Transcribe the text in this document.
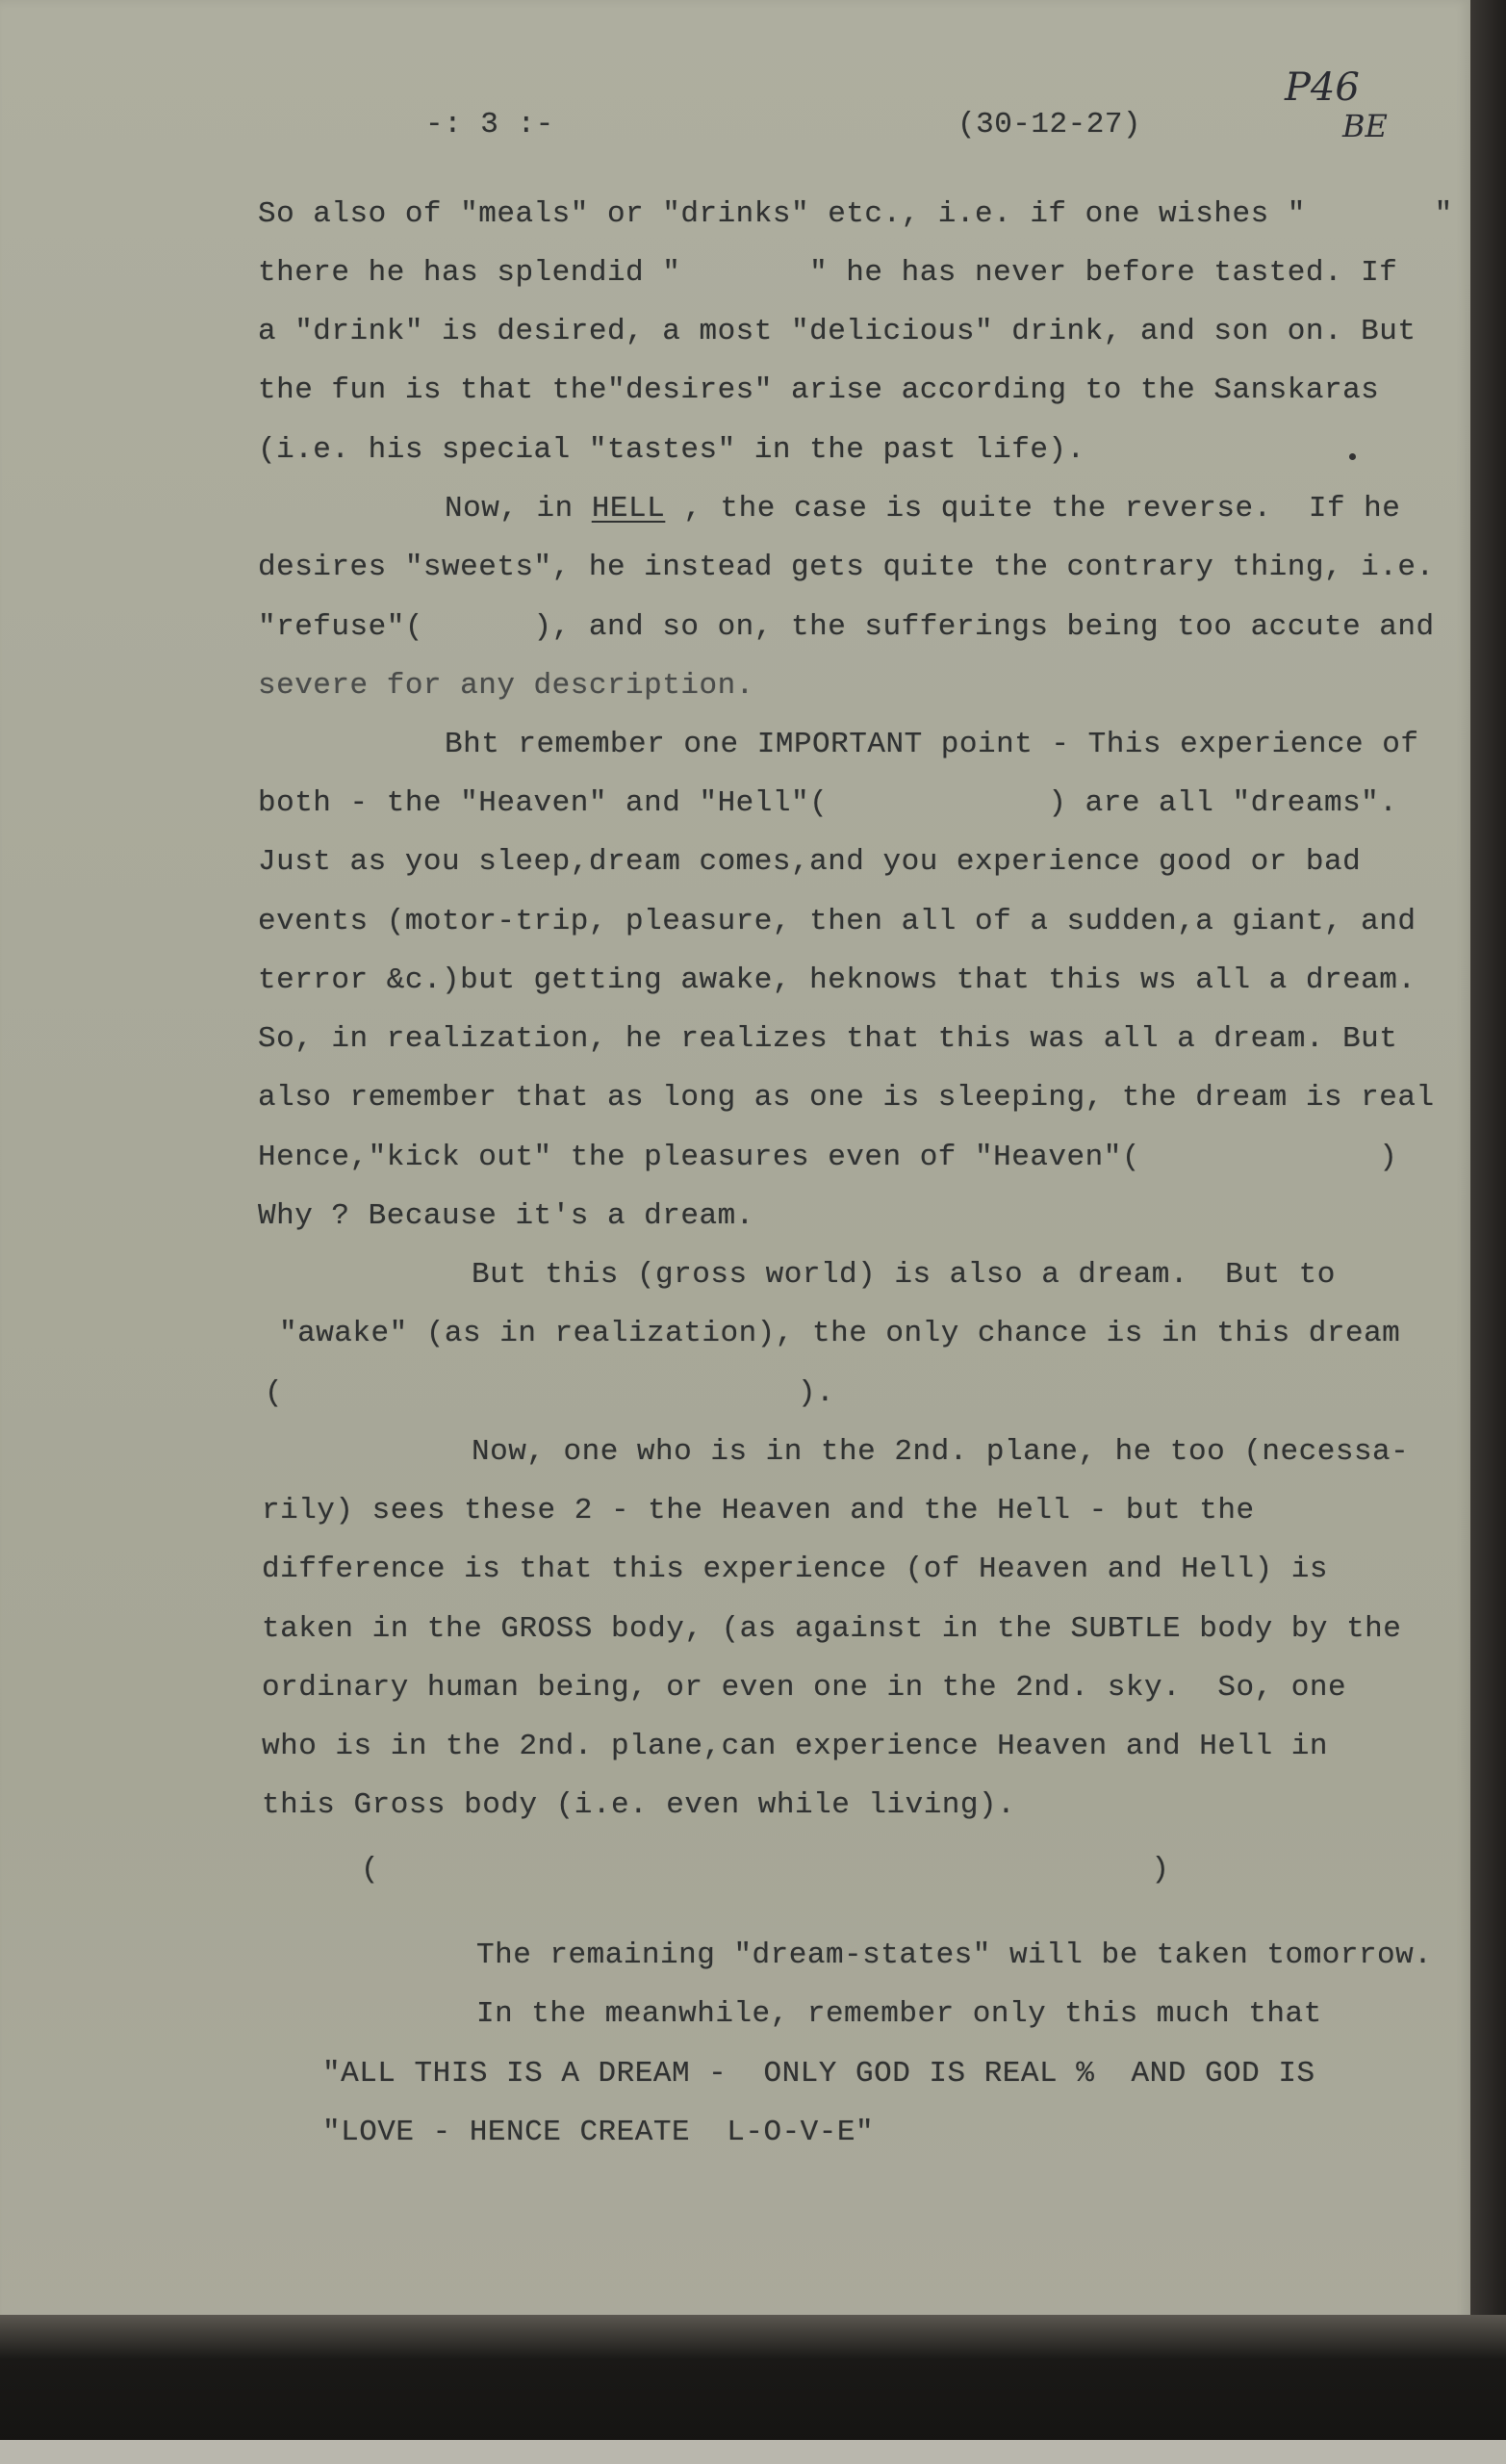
-: 3 :-	(30-12-27)
P46
BE
So also of "meals" or "drinks" etc., i.e. if one wishes "       "
there he has splendid "       " he has never before tasted. If
a "drink" is desired, a most "delicious" drink, and son on. But
the fun is that the"desires" arise according to the Sanskaras
(i.e. his special "tastes" in the past life).
Now, in HELL , the case is quite the reverse.  If he
desires "sweets", he instead gets quite the contrary thing, i.e.
"refuse"(      ), and so on, the sufferings being too accute and
severe for any description.
Bht remember one IMPORTANT point - This experience of
both - the "Heaven" and "Hell"(            ) are all "dreams".
Just as you sleep,dream comes,and you experience good or bad
events (motor-trip, pleasure, then all of a sudden,a giant, and
terror &c.)but getting awake, heknows that this ws all a dream.
So, in realization, he realizes that this was all a dream. But
also remember that as long as one is sleeping, the dream is real
Hence,"kick out" the pleasures even of "Heaven"(             )
Why ? Because it's a dream.
But this (gross world) is also a dream.  But to
"awake" (as in realization), the only chance is in this dream
(                            ).
Now, one who is in the 2nd. plane, he too (necessa-
rily) sees these 2 - the Heaven and the Hell - but the
difference is that this experience (of Heaven and Hell) is
taken in the GROSS body, (as against in the SUBTLE body by the
ordinary human being, or even one in the 2nd. sky.  So, one
who is in the 2nd. plane,can experience Heaven and Hell in
this Gross body (i.e. even while living).
(                                          )
The remaining "dream-states" will be taken tomorrow.
In the meanwhile, remember only this much that
"ALL THIS IS A DREAM -  ONLY GOD IS REAL %  AND GOD IS
"LOVE - HENCE CREATE  L-O-V-E"
